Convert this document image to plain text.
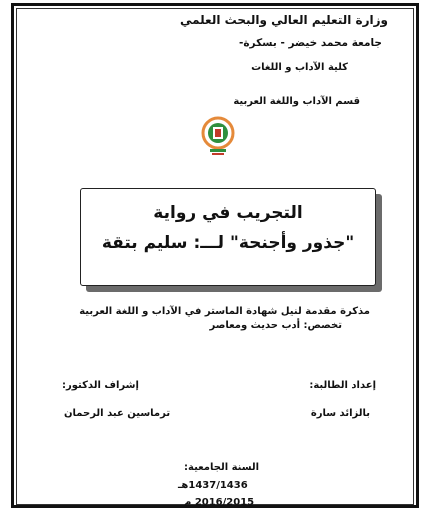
وزارة التعليم العالي والبحث العلمي
جامعة محمد خيضر - بسكرة-
كلية الآداب و اللغات
قسم الآداب واللغة العربية
التجريب في رواية
"جذور وأجنحة" لـــ: سليم بتقة
مذكرة مقدمة لنيل شهادة الماستر في الآداب و اللغة العربية
تخصص: أدب حديث ومعاصر
إعداد الطالبة:
إشراف الدكتور:
بالزائد سارة
ترماسين عبد الرحمان
السنة الجامعية:
1437/1436هـ
2016/2015 م
